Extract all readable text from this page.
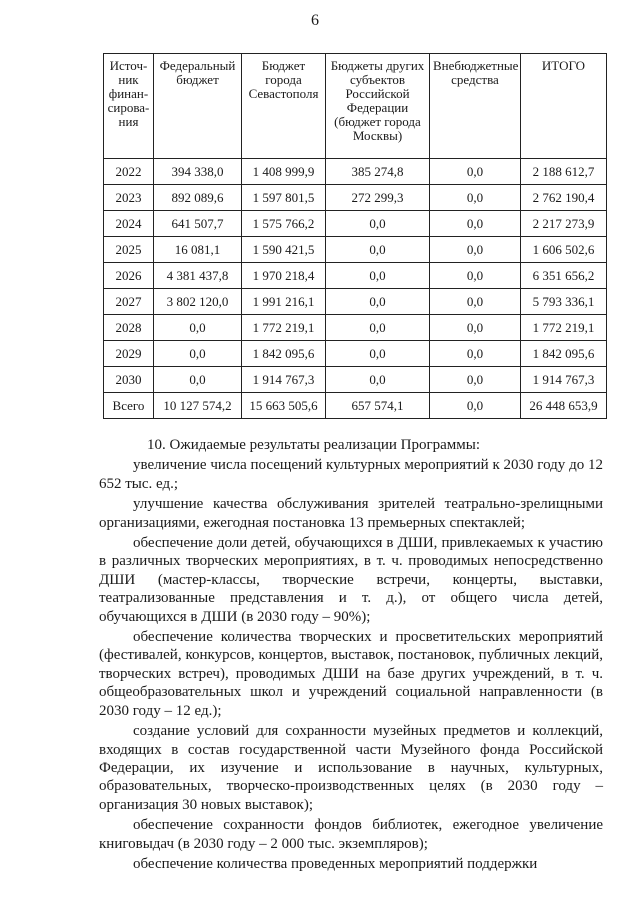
6
Источ-ник финан-сирова-ния	Федеральный бюджет	Бюджет города Севастополя	Бюджеты других субъектов Российской Федерации (бюджет города Москвы)	Внебюджетные средства	ИТОГО
2022	394 338,0	1 408 999,9	385 274,8	0,0	2 188 612,7
2023	892 089,6	1 597 801,5	272 299,3	0,0	2 762 190,4
2024	641 507,7	1 575 766,2	0,0	0,0	2 217 273,9
2025	16 081,1	1 590 421,5	0,0	0,0	1 606 502,6
2026	4 381 437,8	1 970 218,4	0,0	0,0	6 351 656,2
2027	3 802 120,0	1 991 216,1	0,0	0,0	5 793 336,1
2028	0,0	1 772 219,1	0,0	0,0	1 772 219,1
2029	0,0	1 842 095,6	0,0	0,0	1 842 095,6
2030	0,0	1 914 767,3	0,0	0,0	1 914 767,3
Всего	10 127 574,2	15 663 505,6	657 574,1	0,0	26 448 653,9

10. Ожидаемые результаты реализации Программы:

увеличение числа посещений культурных мероприятий к 2030 году до 12 652 тыс. ед.;

улучшение качества обслуживания зрителей театрально-зрелищными организациями, ежегодная постановка 13 премьерных спектаклей;

обеспечение доли детей, обучающихся в ДШИ, привлекаемых к участию в различных творческих мероприятиях, в т. ч. проводимых непосредственно ДШИ (мастер-классы, творческие встречи, концерты, выставки, театрализованные представления и т. д.), от общего числа детей, обучающихся в ДШИ (в 2030 году – 90%);

обеспечение количества творческих и просветительских мероприятий (фестивалей, конкурсов, концертов, выставок, постановок, публичных лекций, творческих встреч), проводимых ДШИ на базе других учреждений, в т. ч. общеобразовательных школ и учреждений социальной направленности (в 2030 году – 12 ед.);

создание условий для сохранности музейных предметов и коллекций, входящих в состав государственной части Музейного фонда Российской Федерации, их изучение и использование в научных, культурных, образовательных, творческо-производственных целях (в 2030 году – организация 30 новых выставок);

обеспечение сохранности фондов библиотек, ежегодное увеличение книговыдач (в 2030 году – 2 000 тыс. экземпляров);

обеспечение количества проведенных мероприятий поддержки
